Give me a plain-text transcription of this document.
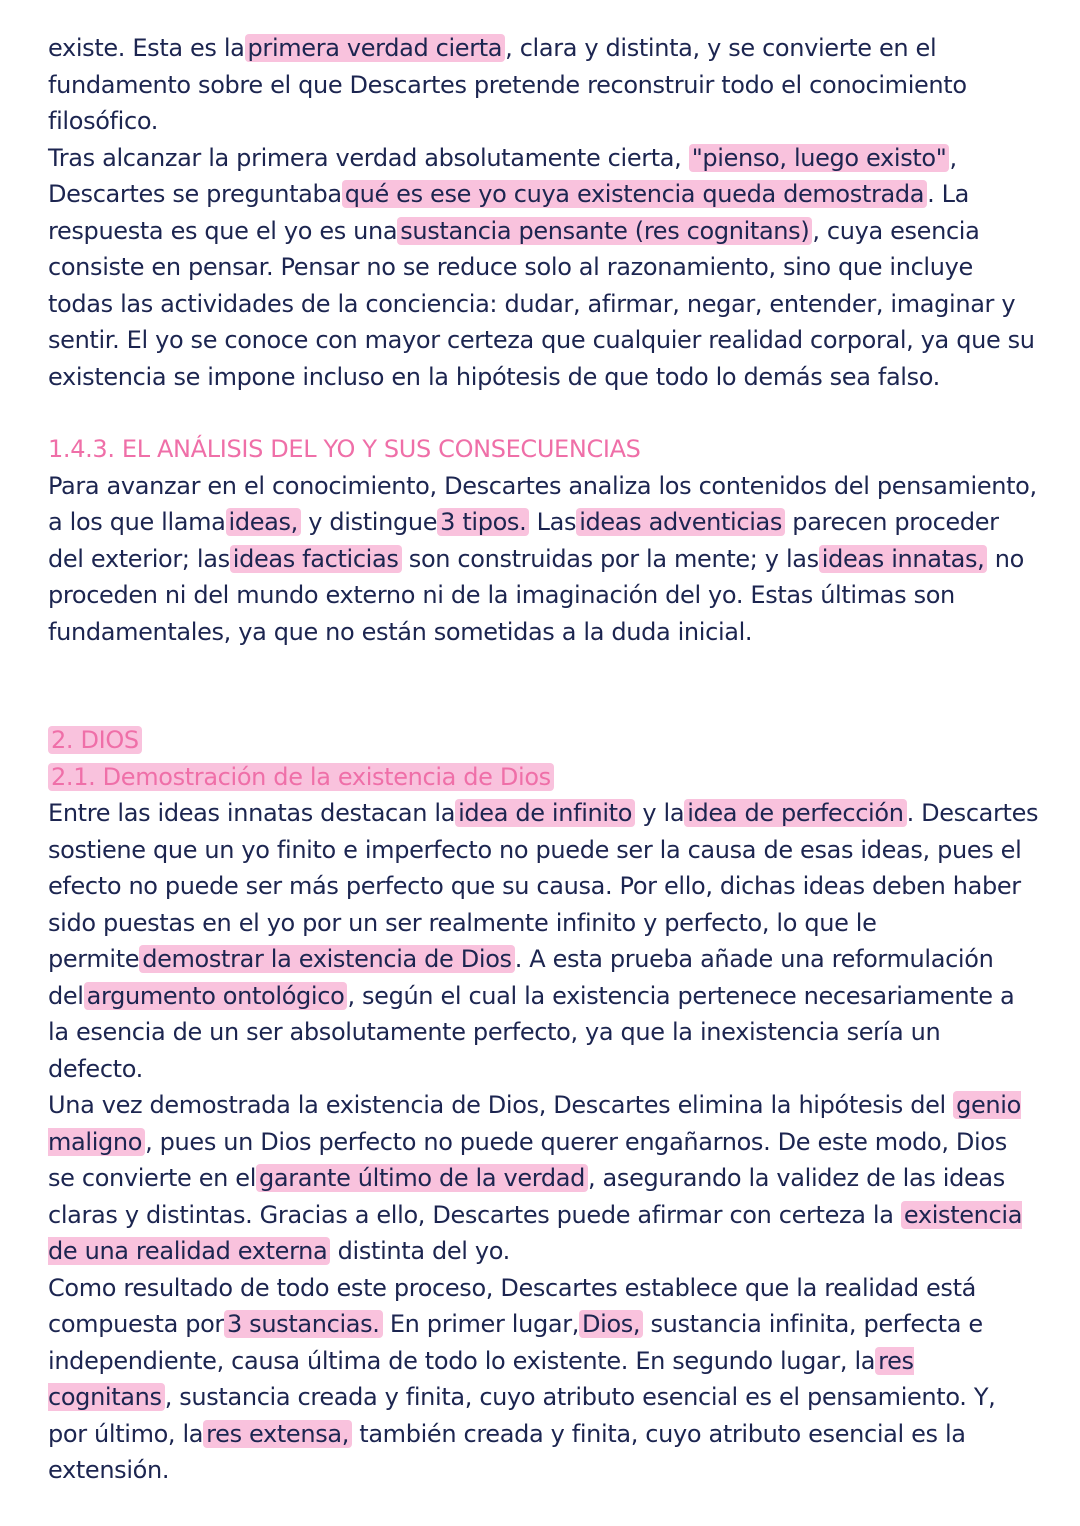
existe. Esta es la primera verdad cierta , clara y distinta, y se convierte en el fundamento sobre el que Descartes pretende reconstruir todo el conocimiento filosófico.

Tras alcanzar la primera verdad absolutamente cierta, "pienso, luego existo" , Descartes se preguntaba qué es ese yo cuya existencia queda demostrada . La respuesta es que el yo es una sustancia pensante (res cognitans) , cuya esencia consiste en pensar. Pensar no se reduce solo al razonamiento, sino que incluye todas las actividades de la conciencia: dudar, afirmar, negar, entender, imaginar y sentir. El yo se conoce con mayor certeza que cualquier realidad corporal, ya que su existencia se impone incluso en la hipótesis de que todo lo demás sea falso.

1.4.3. EL ANÁLISIS DEL YO Y SUS CONSECUENCIAS

Para avanzar en el conocimiento, Descartes analiza los contenidos del pensamiento, a los que llama ideas, y distingue 3 tipos. Las ideas adventicias parecen proceder del exterior; las ideas facticias son construidas por la mente; y las ideas innatas, no proceden ni del mundo externo ni de la imaginación del yo. Estas últimas son fundamentales, ya que no están sometidas a la duda inicial.

2. DIOS

2.1. Demostración de la existencia de Dios

Entre las ideas innatas destacan la idea de infinito y la idea de perfección . Descartes sostiene que un yo finito e imperfecto no puede ser la causa de esas ideas, pues el efecto no puede ser más perfecto que su causa. Por ello, dichas ideas deben haber sido puestas en el yo por un ser realmente infinito y perfecto, lo que le permite demostrar la existencia de Dios . A esta prueba añade una reformulación del argumento ontológico , según el cual la existencia pertenece necesariamente a la esencia de un ser absolutamente perfecto, ya que la inexistencia sería un defecto.

Una vez demostrada la existencia de Dios, Descartes elimina la hipótesis del genio maligno , pues un Dios perfecto no puede querer engañarnos. De este modo, Dios se convierte en el garante último de la verdad , asegurando la validez de las ideas claras y distintas. Gracias a ello, Descartes puede afirmar con certeza la existencia de una realidad externa distinta del yo.

Como resultado de todo este proceso, Descartes establece que la realidad está compuesta por 3 sustancias. En primer lugar, Dios, sustancia infinita, perfecta e independiente, causa última de todo lo existente. En segundo lugar, la res cognitans , sustancia creada y finita, cuyo atributo esencial es el pensamiento. Y, por último, la res extensa, también creada y finita, cuyo atributo esencial es la extensión.
